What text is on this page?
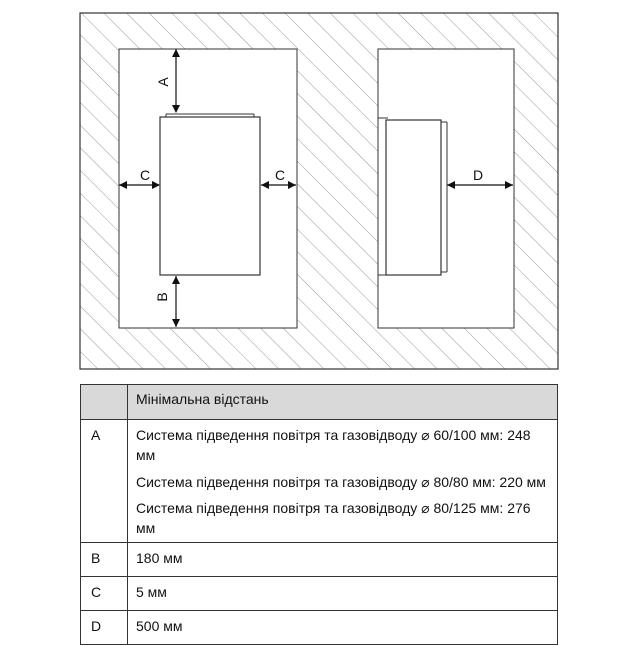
A
B
C	C	D
	Мінімальна відстань
A	Система підведення повітря та газовідводу ⌀ 60/100 мм: 248 мм

Система підведення повітря та газовідводу ⌀ 80/80 мм: 220 мм

Система підведення повітря та газовідводу ⌀ 80/125 мм: 276 мм

B	180 мм
C	5 мм
D	500 мм
